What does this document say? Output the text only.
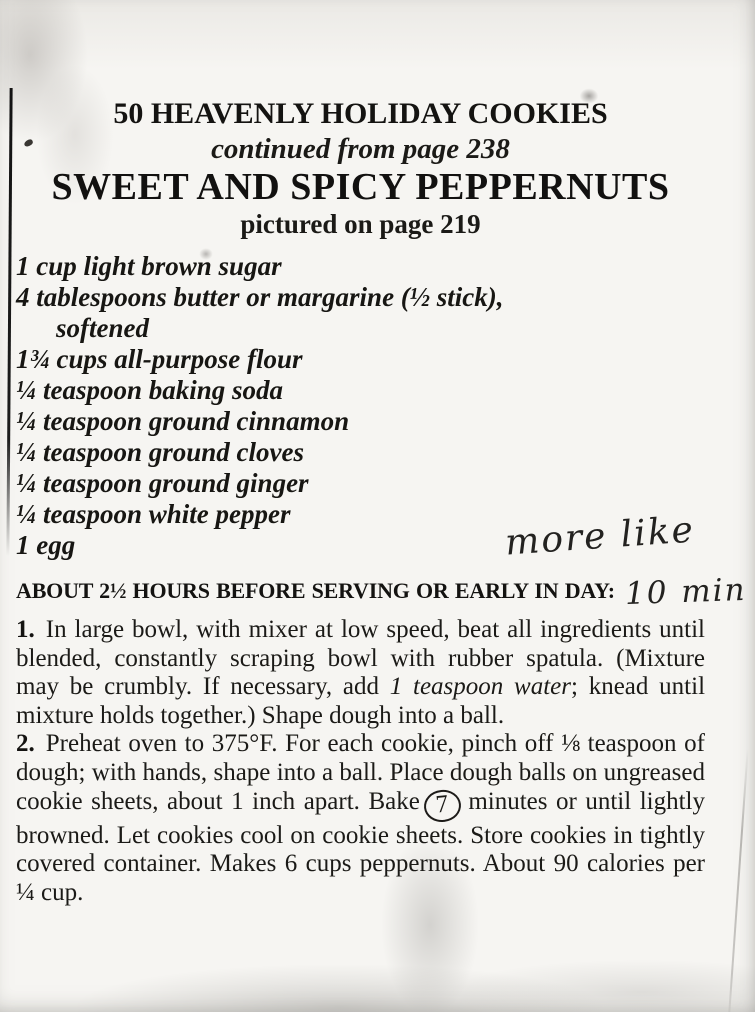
more like
50 HEAVENLY HOLIDAY COOKIES
continued from page 238
SWEET AND SPICY PEPPERNUTS
pictured on page 219
1 cup light brown sugar
4 tablespoons butter or margarine (½ stick),
softened
1¾ cups all-purpose flour
¼ teaspoon baking soda
¼ teaspoon ground cinnamon
¼ teaspoon ground cloves
¼ teaspoon ground ginger
¼ teaspoon white pepper
1 egg
ABOUT 2½ HOURS BEFORE SERVING OR EARLY IN DAY: 10 min

1. In large bowl, with mixer at low speed, beat all ingredients until blended, constantly scraping bowl with rubber spatula. (Mixture may be crumbly. If necessary, add 1 teaspoon water; knead until mixture holds together.) Shape dough into a ball.

2. Preheat oven to 375°F. For each cookie, pinch off ⅛ teaspoon of dough; with hands, shape into a ball. Place dough balls on ungreased cookie sheets, about 1 inch apart. Bake 7 minutes or until lightly browned. Let cookies cool on cookie sheets. Store cookies in tightly covered container. Makes 6 cups peppernuts. About 90 calories per ¼ cup.
